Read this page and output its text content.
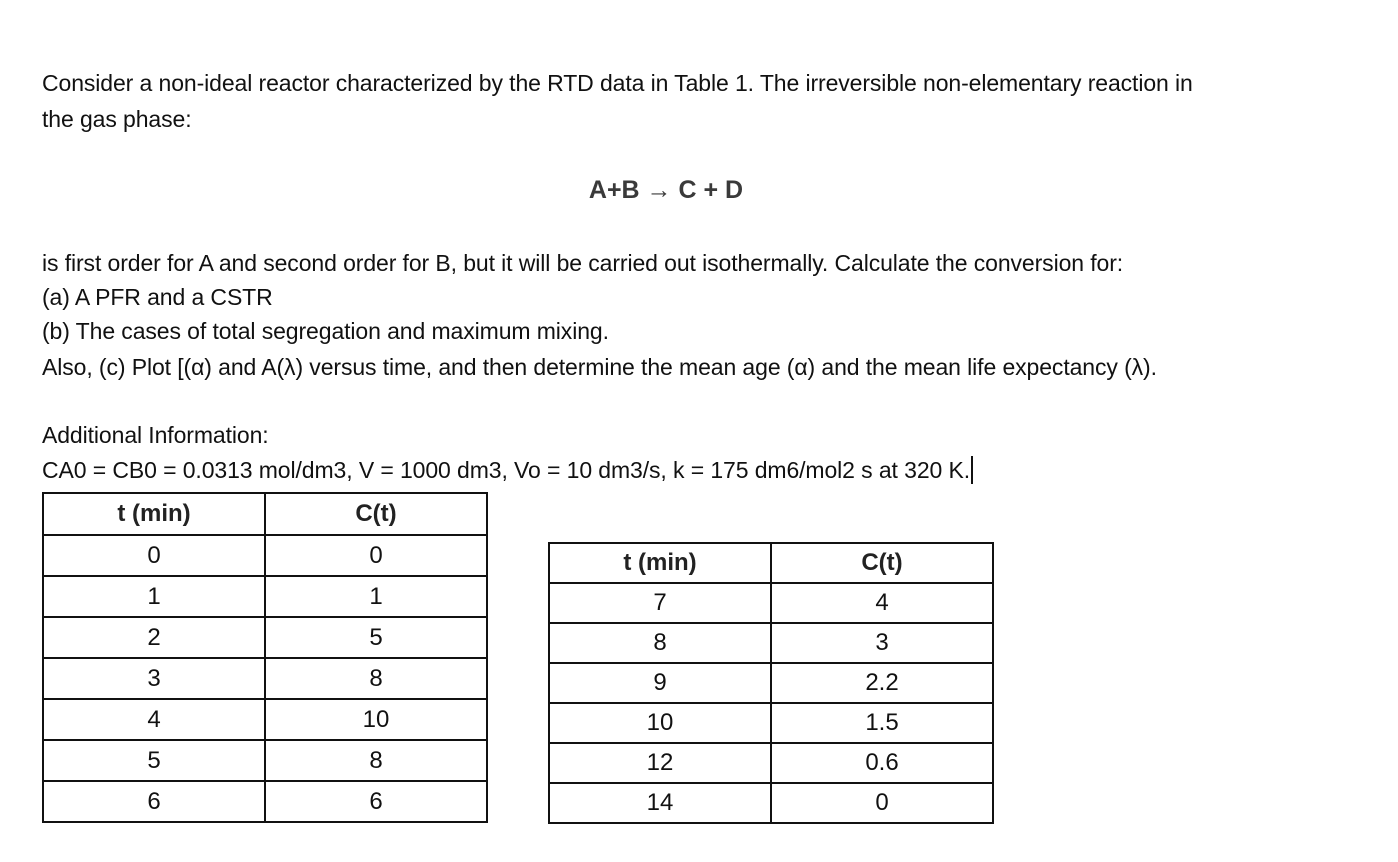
Consider a non-ideal reactor characterized by the RTD data in Table 1. The irreversible non-elementary reaction in
the gas phase:
A+B → C + D
is first order for A and second order for B, but it will be carried out isothermally. Calculate the conversion for:
(a) A PFR and a CSTR
(b) The cases of total segregation and maximum mixing.
Also, (c) Plot [(α) and A(λ) versus time, and then determine the mean age (α) and the mean life expectancy (λ).
Additional Information:
CA0 = CB0 = 0.0313 mol/dm3, V = 1000 dm3, Vo = 10 dm3/s, k = 175 dm6/mol2 s at 320 K.
t (min)	C(t)
0	0
1	1
2	5
3	8
4	10
5	8
6	6
t (min)	C(t)
7	4
8	3
9	2.2
10	1.5
12	0.6
14	0
